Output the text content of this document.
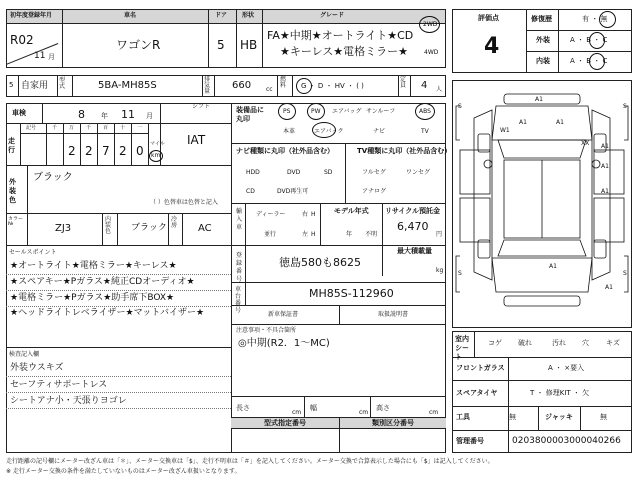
初年度登録年月
R02
11 月
車名
ワゴンR
ドア
5
形状
HB
グレード
FA★中期★オートライト★CD
★キーレス★電格ミラー★
2WD
4WD
5 自家用
型式	5BA-MH85S
排気量
660 cc
燃料	G ・ D ・ HV ・ ( )
定員 4 人
車検	8 年 11 月
シフト
IAT
走行
記号	千 万 千 百 十 一
2 2 7 2 0 マイル
km
装備品に丸印
PS	PW エアバッグ サンルーフ	ABS
本革	エアバック	ナビ	TV
ナビ種類に丸印（社外品含む）	TV種類に丸印（社外品含む）
HDD	DVD	SD
CD	DVD再生可
フルセグ	ワンセグ
アナログ
外装色
ブラック
（ ）色替車は色替と記入
カラー№	ZJ3
内装色	ブラック
冷房	AC
輸入車
ディーラー
並行
右
左
H
H
モデル年式
年 不明
リサイクル預託金
6,470
円
最大積載量
kg
セールスポイント
★オートライト★電格ミラー★キーレス★
★スペアキー★Pガラス★純正CDオーディオ★
★電格ミラー★Pガラス★助手席下BOX★
★ヘッドライトレベライザー★マットバイザー★
登録番号
徳島580も8625
車台番号
MH85S-112960
新車保証書	取扱説明書
注意事項・不具合箇所
◎中期(R2．1〜MC)
検査記入欄
外装ウスキズ
セーフティサポートレス
シートアナ小・天張りヨゴレ
長さ
cm
幅
cm
高さ
cm
型式指定番号	類別区分番号
評価点
4
修復歴	有 ・ 無
外装	A ・ B ・ C
内装	A ・ B ・ C
A1
A1
W1
A1
XX A1
A1
A1
A1
A1
S	S
S	S
室内シート
コゲ 破れ	汚れ 穴 キズ
フロントガラス	A ・ ×要入
スペアタイヤ	T ・ 修理KIT ・ 欠
工具	無	ジャッキ	無
管理番号	0203800003000040266
走行距離の記号欄にメーター改ざん車は「＊」、メーター交換車は「$」、走行不明車は「＃」を記入してください。メーター交換で合算表示した場合にも「$」は記入してください。
※ 走行メーター交換の条件を満たしていないものはメーター改ざん車扱いとなります。
